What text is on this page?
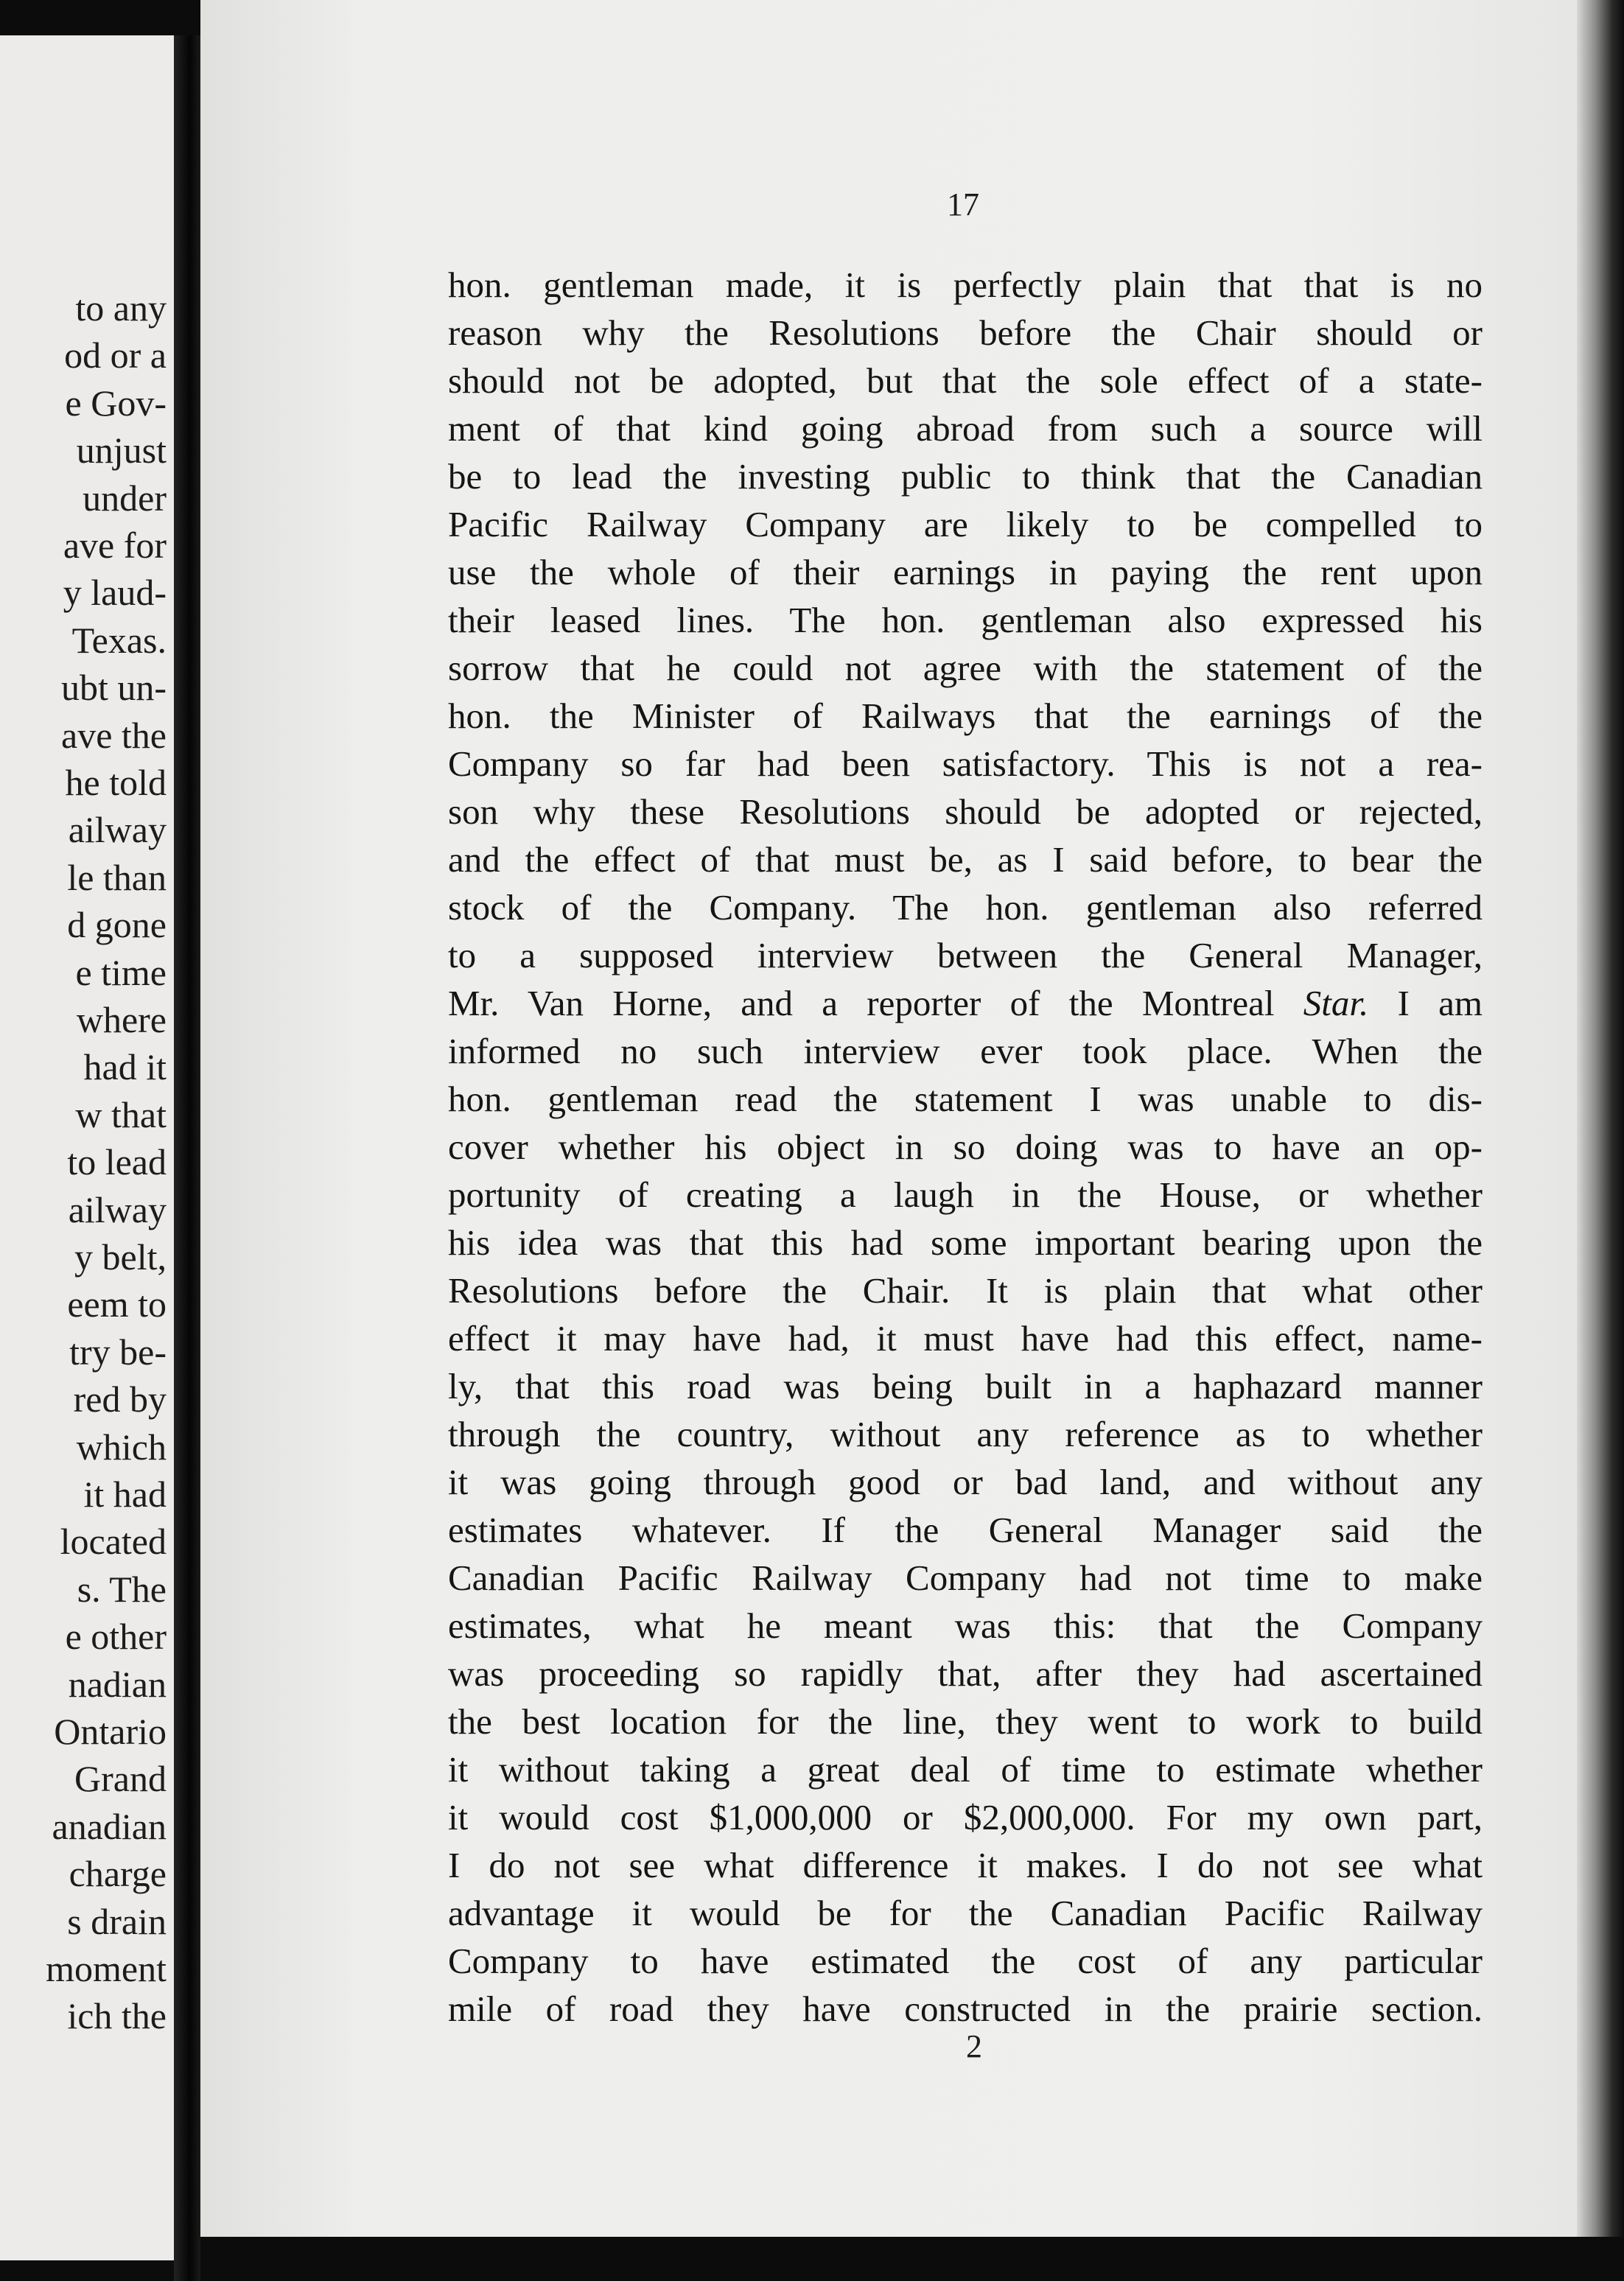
to any

od or a

e Gov-

unjust

under

ave for

y laud-

Texas.

ubt un-

ave the

he told

ailway

le than

d gone

e time

where

had it

w that

to lead

ailway

y belt,

eem to

try be-

red by

which

it had

located

s. The

e other

nadian

Ontario

Grand

anadian

charge

s drain

moment

ich the

17

hon. gentleman made, it is perfectly plain that that is no

reason why the Resolutions before the Chair should or

should not be adopted, but that the sole effect of a state-

ment of that kind going abroad from such a source will

be to lead the investing public to think that the Canadian

Pacific Railway Company are likely to be compelled to

use the whole of their earnings in paying the rent upon

their leased lines. The hon. gentleman also expressed his

sorrow that he could not agree with the statement of the

hon. the Minister of Railways that the earnings of the

Company so far had been satisfactory. This is not a rea-

son why these Resolutions should be adopted or rejected,

and the effect of that must be, as I said before, to bear the

stock of the Company. The hon. gentleman also referred

to a supposed interview between the General Manager,

Mr. Van Horne, and a reporter of the Montreal Star. I am

informed no such interview ever took place. When the

hon. gentleman read the statement I was unable to dis-

cover whether his object in so doing was to have an op-

portunity of creating a laugh in the House, or whether

his idea was that this had some important bearing upon the

Resolutions before the Chair. It is plain that what other

effect it may have had, it must have had this effect, name-

ly, that this road was being built in a haphazard manner

through the country, without any reference as to whether

it was going through good or bad land, and without any

estimates whatever. If the General Manager said the

Canadian Pacific Railway Company had not time to make

estimates, what he meant was this: that the Company

was proceeding so rapidly that, after they had ascertained

the best location for the line, they went to work to build

it without taking a great deal of time to estimate whether

it would cost $1,000,000 or $2,000,000. For my own part,

I do not see what difference it makes. I do not see what

advantage it would be for the Canadian Pacific Railway

Company to have estimated the cost of any particular

mile of road they have constructed in the prairie section.

2
